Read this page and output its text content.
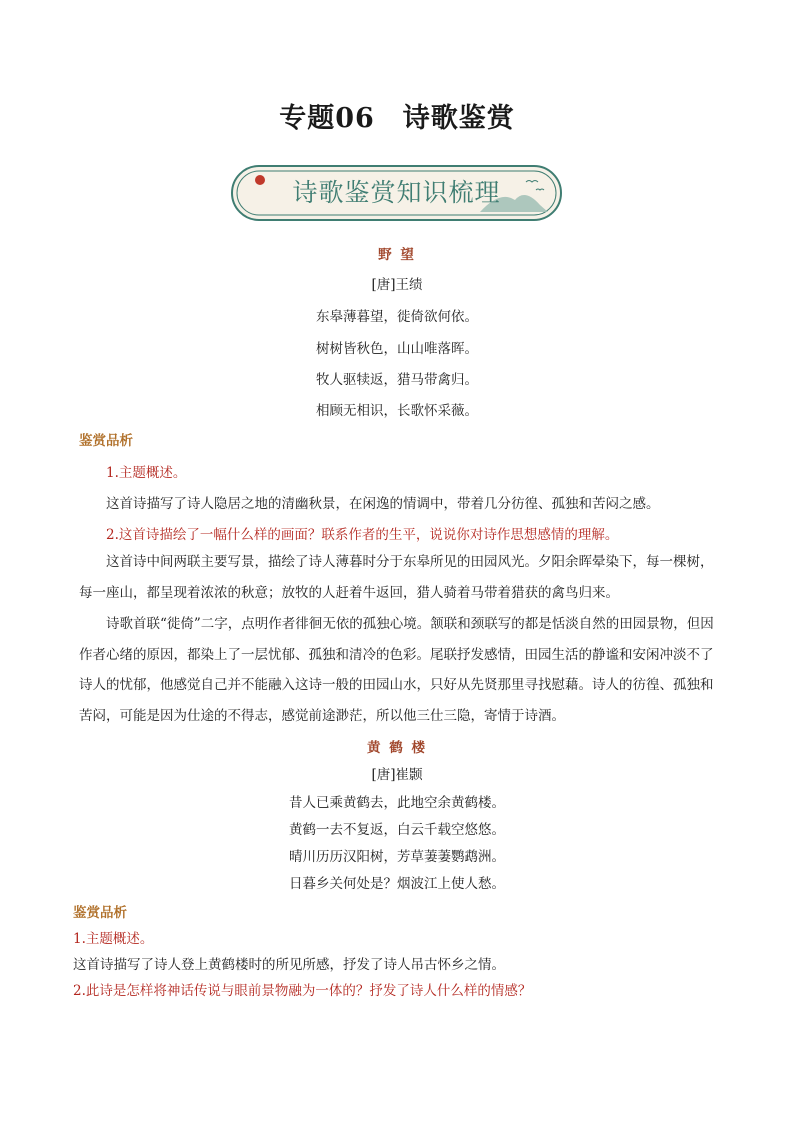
专题06　诗歌鉴赏
诗歌鉴赏知识梳理
野 望
[唐]王绩
东皋薄暮望，徙倚欲何依。
树树皆秋色，山山唯落晖。
牧人驱犊返，猎马带禽归。
相顾无相识，长歌怀采薇。
鉴赏品析
1.主题概述。
这首诗描写了诗人隐居之地的清幽秋景，在闲逸的情调中，带着几分彷徨、孤独和苦闷之感。
2.这首诗描绘了一幅什么样的画面？联系作者的生平，说说你对诗作思想感情的理解。
这首诗中间两联主要写景，描绘了诗人薄暮时分于东皋所见的田园风光。夕阳余晖晕染下，每一棵树，每一座山，都呈现着浓浓的秋意；放牧的人赶着牛返回，猎人骑着马带着猎获的禽鸟归来。
诗歌首联“徙倚”二字，点明作者徘徊无依的孤独心境。颔联和颈联写的都是恬淡自然的田园景物，但因作者心绪的原因，都染上了一层忧郁、孤独和清冷的色彩。尾联抒发感情，田园生活的静谧和安闲冲淡不了诗人的忧郁，他感觉自己并不能融入这诗一般的田园山水，只好从先贤那里寻找慰藉。诗人的彷徨、孤独和苦闷，可能是因为仕途的不得志，感觉前途渺茫，所以他三仕三隐，寄情于诗酒。
黄 鹤 楼
[唐]崔颢
昔人已乘黄鹤去，此地空余黄鹤楼。
黄鹤一去不复返，白云千载空悠悠。
晴川历历汉阳树，芳草萋萋鹦鹉洲。
日暮乡关何处是？烟波江上使人愁。
鉴赏品析
1.主题概述。
这首诗描写了诗人登上黄鹤楼时的所见所感，抒发了诗人吊古怀乡之情。
2.此诗是怎样将神话传说与眼前景物融为一体的？抒发了诗人什么样的情感？
